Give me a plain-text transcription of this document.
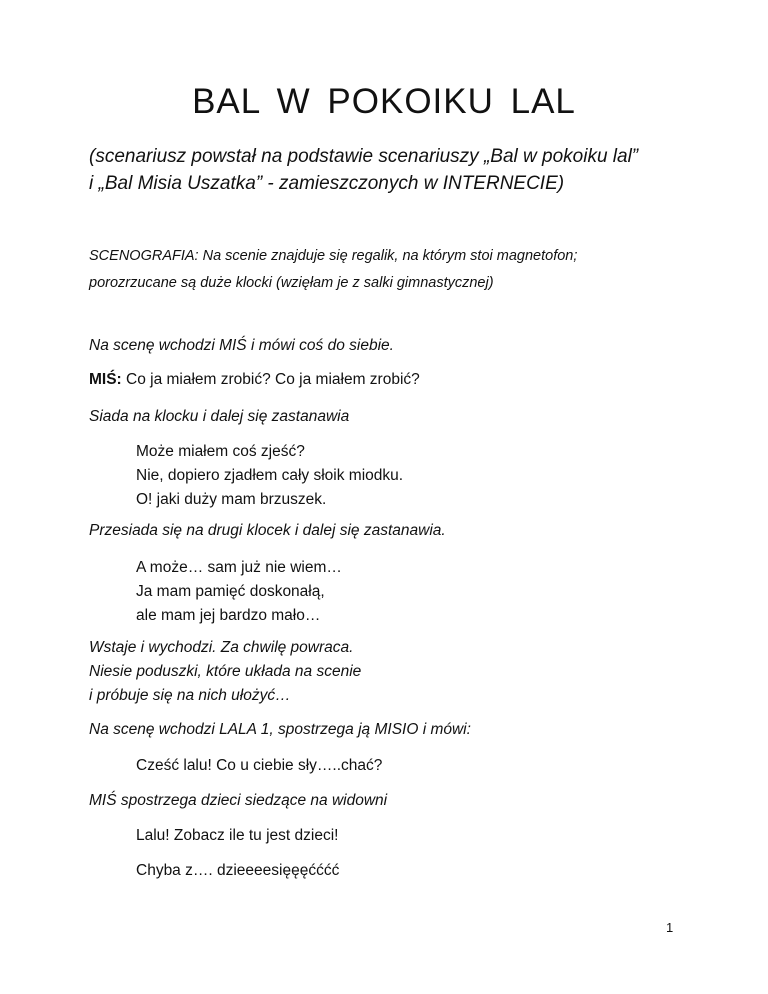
BAL W POKOIKU LAL
(scenariusz powstał na podstawie scenariuszy „Bal w pokoiku lal”
i „Bal Misia Uszatka” - zamieszczonych w INTERNECIE)
SCENOGRAFIA: Na scenie znajduje się regalik, na którym stoi magnetofon;
porozrzucane są duże klocki (wzięłam je z salki gimnastycznej)
Na scenę wchodzi MIŚ i mówi coś do siebie.
MIŚ: Co ja miałem zrobić? Co ja miałem zrobić?
Siada na klocku i dalej się zastanawia
Może miałem coś zjeść?
Nie, dopiero zjadłem cały słoik miodku.
O! jaki duży mam brzuszek.
Przesiada się na drugi klocek i dalej się zastanawia.
A może… sam już nie wiem…
Ja mam pamięć doskonałą,
ale mam jej bardzo mało…
Wstaje i wychodzi. Za chwilę powraca.
Niesie poduszki, które układa na scenie
i próbuje się na nich ułożyć…
Na scenę wchodzi LALA 1, spostrzega ją MISIO i mówi:
Cześć lalu! Co u ciebie sły…..chać?
MIŚ spostrzega dzieci siedzące na widowni
Lalu! Zobacz ile tu jest dzieci!
Chyba z…. dzieeeesięęęćććć
1
